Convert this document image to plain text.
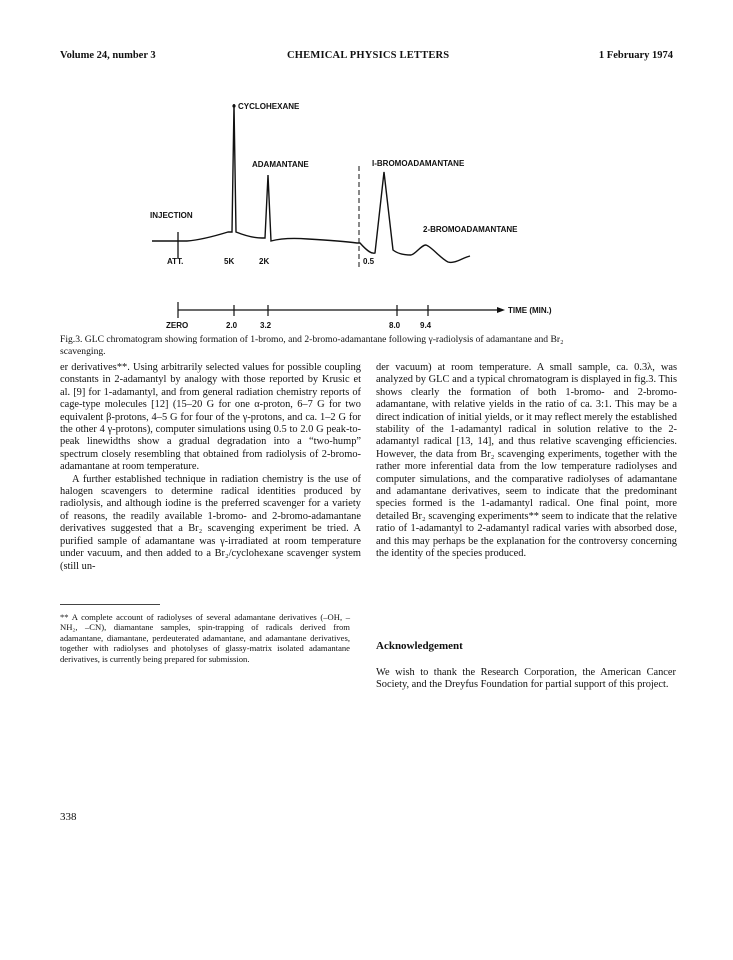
Volume 24, number 3	CHEMICAL PHYSICS LETTERS	1 February 1974
CYCLOHEXANE
ADAMANTANE	I-BROMOADAMANTANE
INJECTION
2-BROMOADAMANTANE
ATT.	5K	2K	0.5
TIME (MIN.)
ZERO	2.0	3.2	8.0 9.4
Fig.3. GLC chromatogram showing formation of 1-bromo, and 2-bromo-adamantane following γ-radiolysis of adamantane and Br₂
scavenging.

er derivatives**. Using arbitrarily selected values for possible coupling constants in 2-adamantyl by analogy with those reported by Krusic et al. [9] for 1-adamantyl, and from general radiation chemistry reports of cage-type molecules [12] (15–20 G for one α-proton, 6–7 G for two equivalent β-protons, 4–5 G for four of the γ-protons, and ca. 1–2 G for the other 4 γ-protons), computer simulations using 0.5 to 2.0 G peak-to-peak linewidths show a gradual degradation into a “two-hump” spectrum closely resembling that obtained from radiolysis of 2-bromo-adamantane at room temperature.

A further established technique in radiation chemistry is the use of halogen scavengers to determine radical identities produced by radiolysis, and although iodine is the preferred scavenger for a variety of reasons, the readily available 1-bromo- and 2-bromo-adamantane derivatives suggested that a Br₂ scavenging experiment be tried. A purified sample of adamantane was γ-irradiated at room temperature under vacuum, and then added to a Br₂/cyclohexane scavenger system (still un-

der vacuum) at room temperature. A small sample, ca. 0.3λ, was analyzed by GLC and a typical chromatogram is displayed in fig.3. This shows clearly the formation of both 1-bromo- and 2-bromo-adamantane, with relative yields in the ratio of ca. 3:1. This may be a direct indication of initial yields, or it may reflect merely the established stability of the 1-adamantyl radical in solution relative to the 2-adamantyl radical [13, 14], and thus relative scavenging efficiencies. However, the data from Br₂ scavenging experiments, together with the rather more inferential data from the low temperature radiolyses and computer simulations, and the comparative radiolyses of adamantane and adamantane derivatives, seem to indicate that the predominant species formed is the 1-adamantyl radical. One final point, more detailed Br₂ scavenging experiments** seem to indicate that the relative ratio of 1-adamantyl to 2-adamantyl radical varies with absorbed dose, and this may perhaps be the explanation for the controversy concerning the identity of the species produced.

** A complete account of radiolyses of several adamantane derivatives (–OH, –NH₂, –CN), diamantane samples, spin-trapping of radicals derived from adamantane, diamantane, perdeuterated adamantane, and adamantane derivatives, together with radiolyses and photolyses of glassy-matrix isolated adamantane derivatives, is currently being prepared for submission.
Acknowledgement
We wish to thank the Research Corporation, the American Cancer Society, and the Dreyfus Foundation for partial support of this project.
338
